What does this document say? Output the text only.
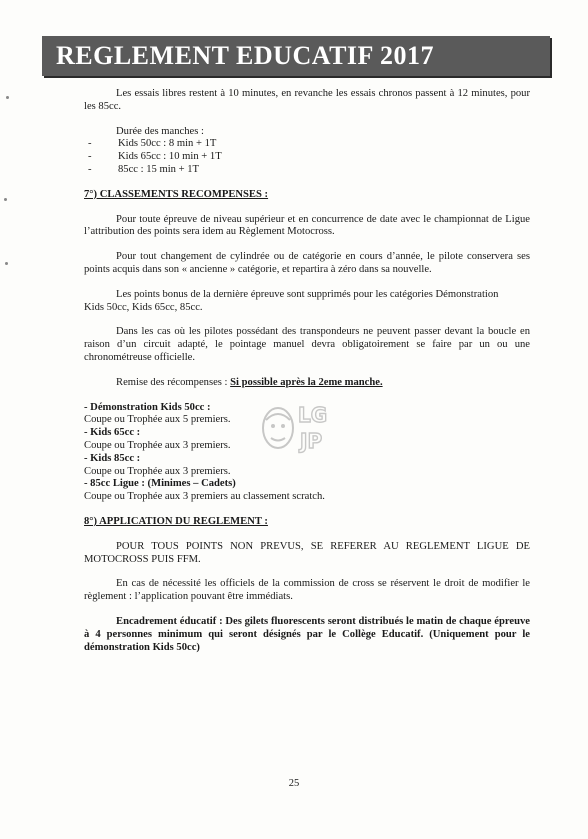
REGLEMENT EDUCATIF 2017
LG
JP

Les essais libres restent à 10 minutes, en revanche les essais chronos passent à 12 minutes, pour les 85cc.

Durée des manches :

- Kids 50cc : 8 min + 1T
- Kids 65cc : 10 min + 1T
- 85cc : 15 min + 1T

7°) CLASSEMENTS RECOMPENSES :

Pour toute épreuve de niveau supérieur et en concurrence de date avec le championnat de Ligue l’attribution des points sera idem au Règlement Motocross.

Pour tout changement de cylindrée ou de catégorie en cours d’année, le pilote conservera ses points acquis dans son « ancienne » catégorie, et repartira à zéro dans sa nouvelle.

Les points bonus de la dernière épreuve sont supprimés pour les catégories Démonstration

Kids 50cc, Kids 65cc, 85cc.

Dans les cas où les pilotes possédant des transpondeurs ne peuvent passer devant la boucle en raison d’un circuit adapté, le pointage manuel devra obligatoirement se faire par un ou une chronométreuse officielle.

Remise des récompenses : Si possible après la 2eme manche.

- Démonstration Kids 50cc :

Coupe ou Trophée aux 5 premiers.

- Kids 65cc :

Coupe ou Trophée aux 3 premiers.

- Kids 85cc :

Coupe ou Trophée aux 3 premiers.

- 85cc Ligue : (Minimes – Cadets)

Coupe ou Trophée aux 3 premiers au classement scratch.

8°) APPLICATION DU REGLEMENT :

POUR TOUS POINTS NON PREVUS, SE REFERER AU REGLEMENT LIGUE DE MOTOCROSS PUIS FFM.

En cas de nécessité les officiels de la commission de cross se réservent le droit de modifier le règlement : l’application pouvant être immédiats.

Encadrement éducatif : Des gilets fluorescents seront distribués le matin de chaque épreuve à 4 personnes minimum qui seront désignés par le Collège Educatif. (Uniquement pour le démonstration Kids 50cc)

25
